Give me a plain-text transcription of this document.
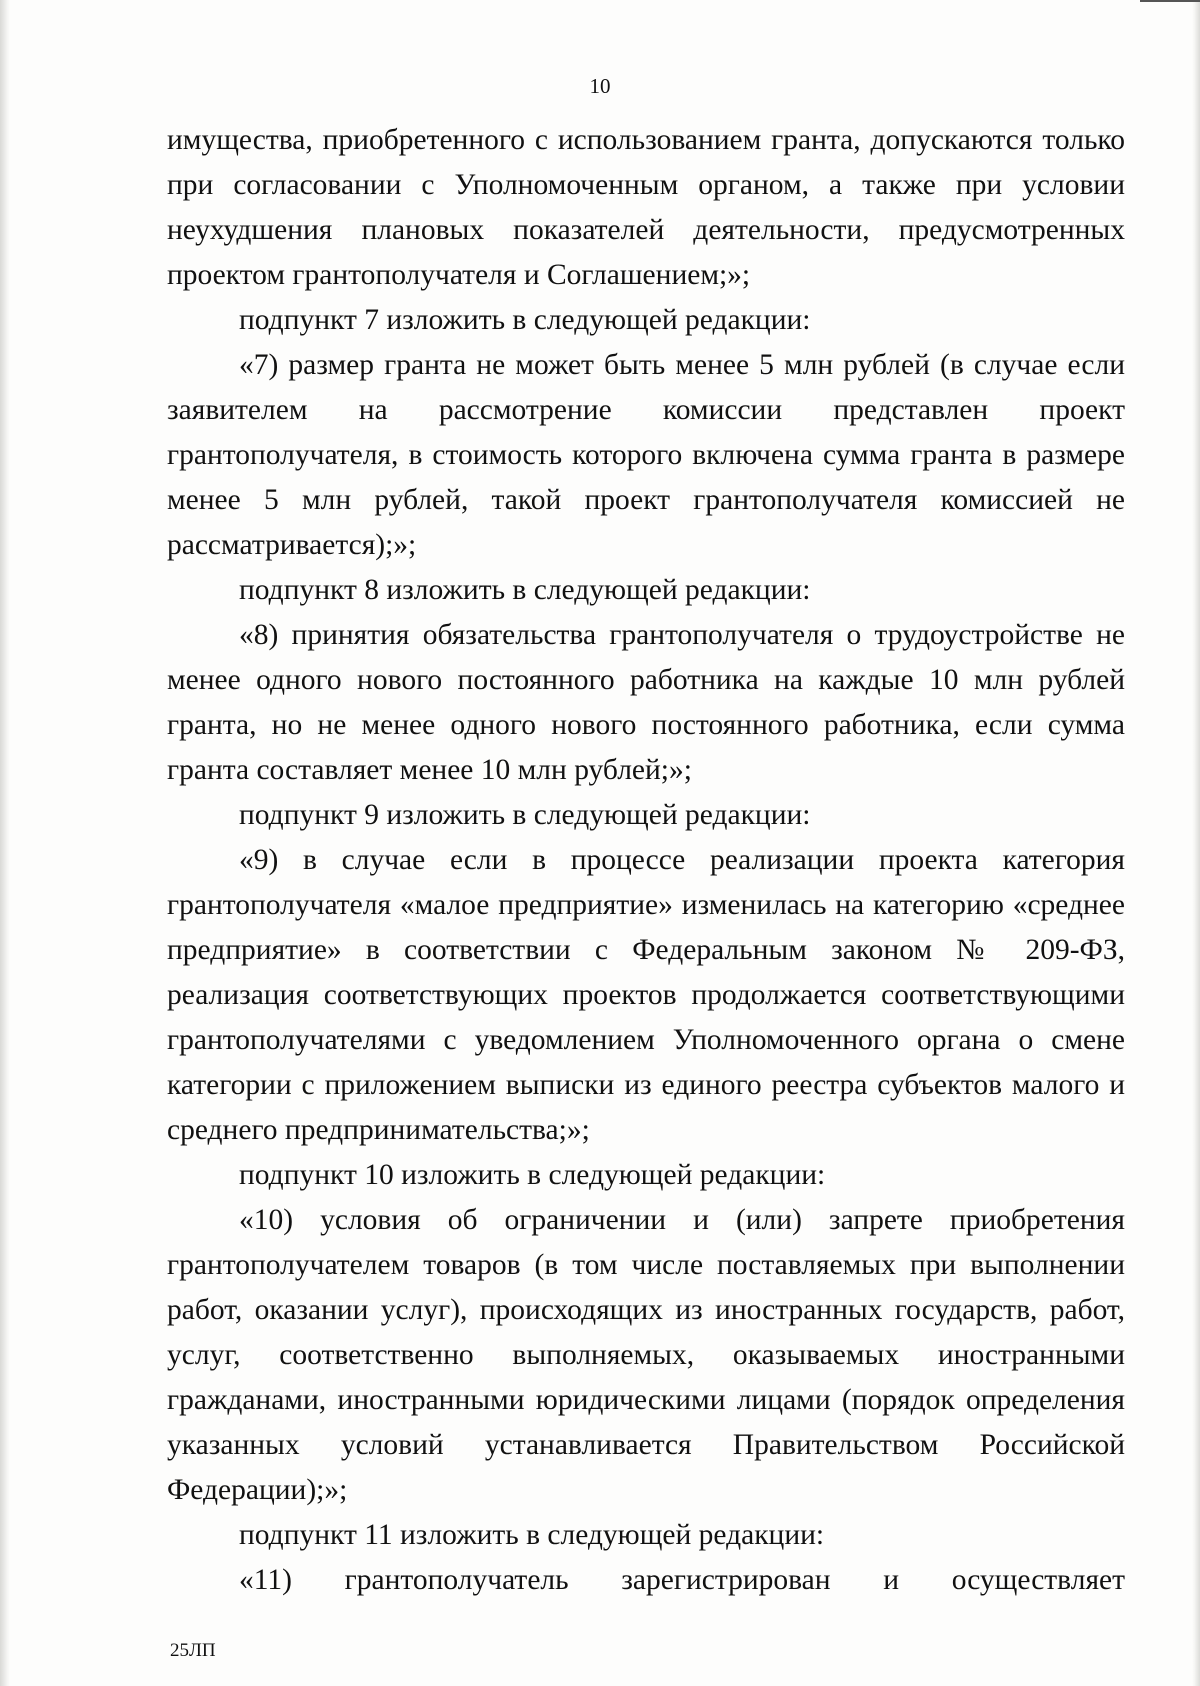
10

имущества, приобретенного с использованием гранта, допускаются только при согласовании с Уполномоченным органом, а также при условии неухудшения плановых показателей деятельности, предусмотренных проектом грантополучателя и Соглашением;»;

подпункт 7 изложить в следующей редакции:

«7) размер гранта не может быть менее 5 млн рублей (в случае если заявителем на рассмотрение комиссии представлен проект грантополучателя, в стоимость которого включена сумма гранта в размере менее 5 млн рублей, такой проект грантополучателя комиссией не рассматривается);»;

подпункт 8 изложить в следующей редакции:

«8) принятия обязательства грантополучателя о трудоустройстве не менее одного нового постоянного работника на каждые 10 млн рублей гранта, но не менее одного нового постоянного работника, если сумма гранта составляет менее 10 млн рублей;»;

подпункт 9 изложить в следующей редакции:

«9) в случае если в процессе реализации проекта категория грантополучателя «малое предприятие» изменилась на категорию «среднее предприятие» в соответствии с Федеральным законом № 209-ФЗ, реализация соответствующих проектов продолжается соответствующими грантополучателями с уведомлением Уполномоченного органа о смене категории с приложением выписки из единого реестра субъектов малого и среднего предпринимательства;»;

подпункт 10 изложить в следующей редакции:

«10) условия об ограничении и (или) запрете приобретения грантополучателем товаров (в том числе поставляемых при выполнении работ, оказании услуг), происходящих из иностранных государств, работ, услуг, соответственно выполняемых, оказываемых иностранными гражданами, иностранными юридическими лицами (порядок определения указанных условий устанавливается Правительством Российской Федерации);»;

подпункт 11 изложить в следующей редакции:

«11) грантополучатель зарегистрирован и осуществляет

25ЛП
